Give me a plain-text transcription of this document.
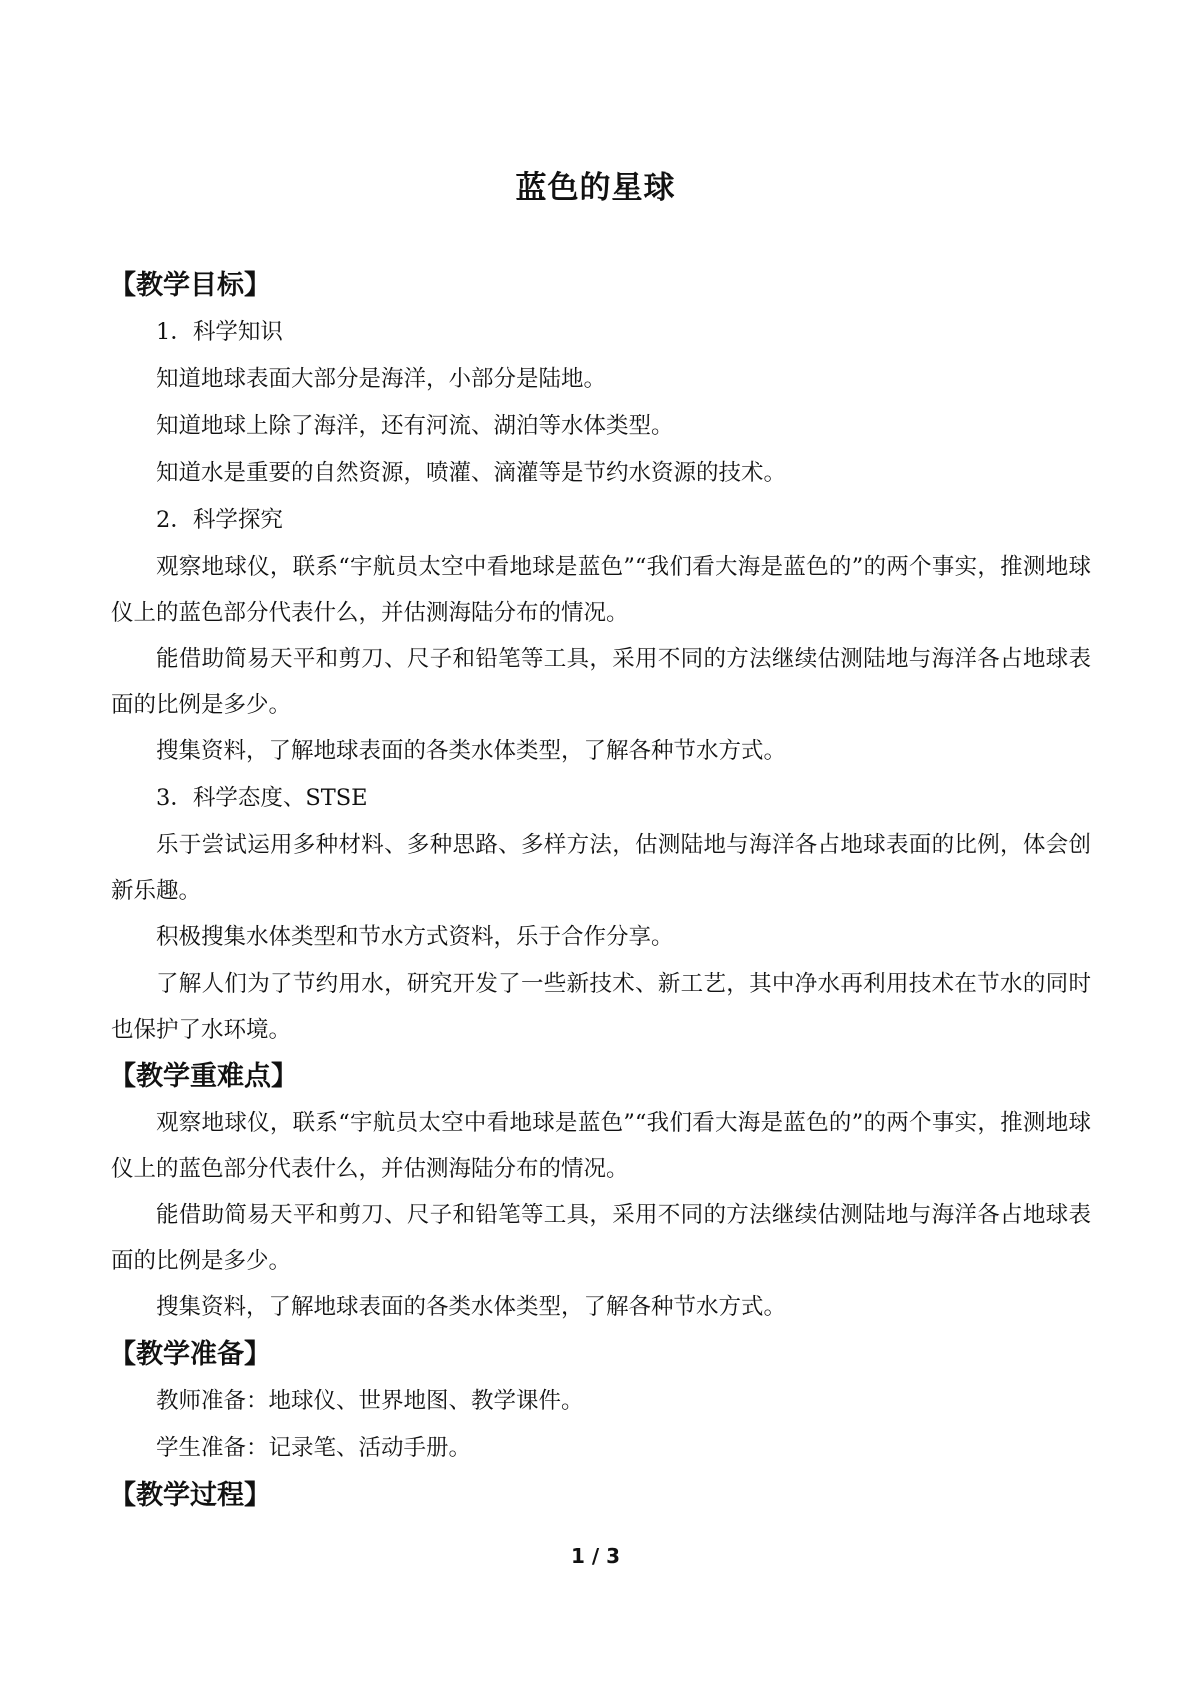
蓝色的星球
【教学目标】

1．科学知识

知道地球表面大部分是海洋，小部分是陆地。

知道地球上除了海洋，还有河流、湖泊等水体类型。

知道水是重要的自然资源，喷灌、滴灌等是节约水资源的技术。

2．科学探究

观察地球仪，联系“宇航员太空中看地球是蓝色”“我们看大海是蓝色的”的两个事实，推测地球仪上的蓝色部分代表什么，并估测海陆分布的情况。

能借助简易天平和剪刀、尺子和铅笔等工具，采用不同的方法继续估测陆地与海洋各占地球表面的比例是多少。

搜集资料，了解地球表面的各类水体类型，了解各种节水方式。

3．科学态度、STSE

乐于尝试运用多种材料、多种思路、多样方法，估测陆地与海洋各占地球表面的比例，体会创新乐趣。

积极搜集水体类型和节水方式资料，乐于合作分享。

了解人们为了节约用水，研究开发了一些新技术、新工艺，其中净水再利用技术在节水的同时也保护了水环境。

【教学重难点】

观察地球仪，联系“宇航员太空中看地球是蓝色”“我们看大海是蓝色的”的两个事实，推测地球仪上的蓝色部分代表什么，并估测海陆分布的情况。

能借助简易天平和剪刀、尺子和铅笔等工具，采用不同的方法继续估测陆地与海洋各占地球表面的比例是多少。

搜集资料，了解地球表面的各类水体类型，了解各种节水方式。

【教学准备】

教师准备：地球仪、世界地图、教学课件。

学生准备：记录笔、活动手册。

【教学过程】
1 / 3
